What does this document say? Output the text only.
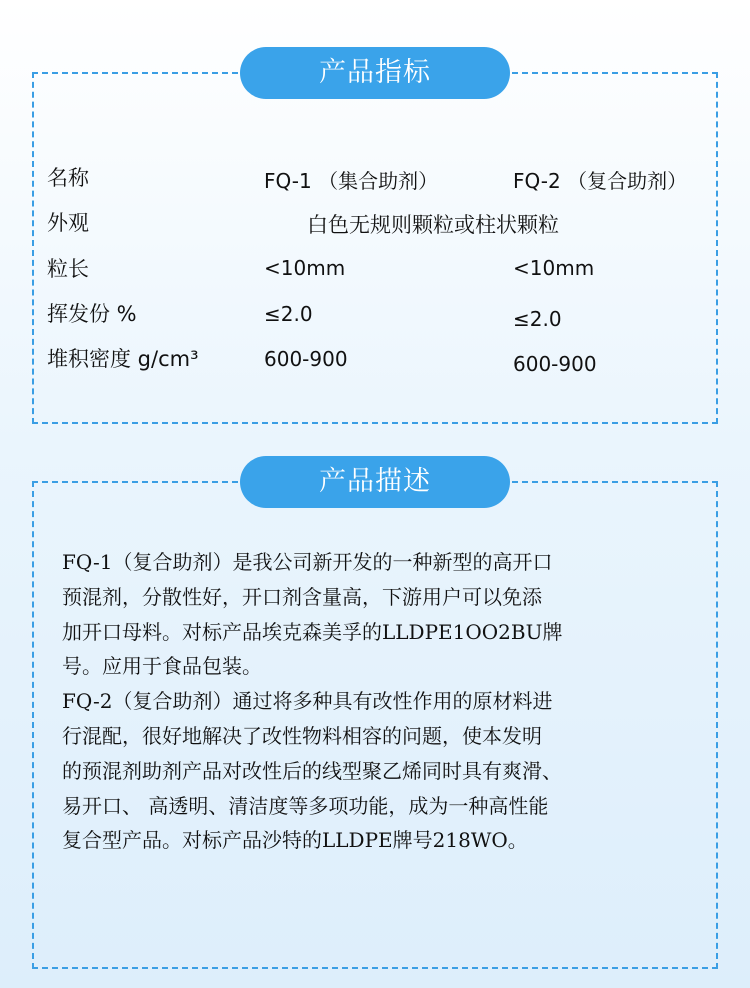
产品指标
名称	FQ-1 （集合助剂）	FQ-2 （复合助剂）
外观	白色无规则颗粒或柱状颗粒
粒长	<10mm	<10mm
挥发份 %	≤2.0	≤2.0
堆积密度 g/cm³	600-900	600-900
产品描述

FQ-1（复合助剂）是我公司新开发的一种新型的高开口
预混剂，分散性好，开口剂含量高，下游用户可以免添
加开口母料。对标产品埃克森美孚的LLDPE1OO2BU牌
号。应用于食品包装。

FQ-2（复合助剂）通过将多种具有改性作用的原材料进
行混配，很好地解决了改性物料相容的问题，使本发明
的预混剂助剂产品对改性后的线型聚乙烯同时具有爽滑、
易开口、 高透明、清洁度等多项功能，成为一种高性能
复合型产品。对标产品沙特的LLDPE牌号218WO。
